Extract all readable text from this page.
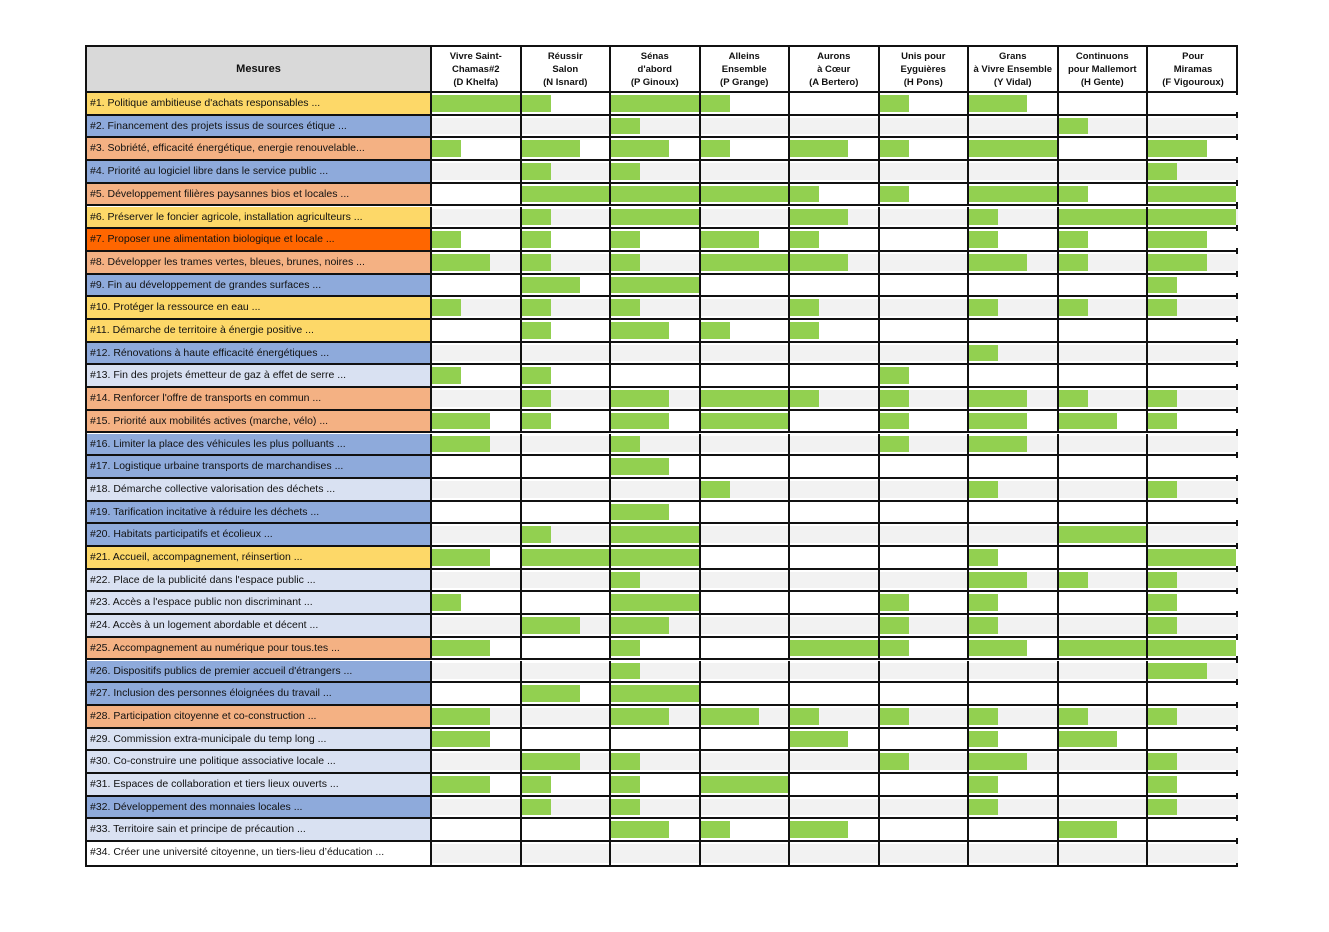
Mesures
Vivre Saint-
Chamas#2
(D Khelfa)
Réussir
Salon
(N Isnard)
Sénas
d'abord
(P Ginoux)
Alleins
Ensemble
(P Grange)
Aurons
à Cœur
(A Bertero)
Unis pour
Eyguières
(H Pons)
Grans
à Vivre Ensemble
(Y Vidal)
Continuons
pour Mallemort
(H Gente)
Pour
Miramas
(F Vigouroux)
#1. Politique ambitieuse d'achats responsables ...
#2. Financement des projets issus de sources étique ...
#3. Sobriété, efficacité énergétique, energie renouvelable...
#4. Priorité au logiciel libre dans le service public ...
#5. Développement filières paysannes bios et locales ...
#6. Préserver le foncier agricole, installation agriculteurs ...
#7. Proposer une alimentation biologique et locale ...
#8. Développer les trames vertes, bleues, brunes, noires ...
#9. Fin au développement de grandes surfaces ...
#10. Protéger la ressource en eau ...
#11. Démarche de territoire à énergie positive ...
#12. Rénovations à haute efficacité énergétiques ...
#13. Fin des projets émetteur de gaz à effet de serre ...
#14. Renforcer l'offre de transports en commun ...
#15. Priorité aux mobilités actives (marche, vélo) ...
#16. Limiter la place des véhicules les plus polluants ...
#17. Logistique urbaine transports de marchandises ...
#18. Démarche collective valorisation des déchets ...
#19. Tarification incitative à réduire les déchets ...
#20. Habitats participatifs et écolieux ...
#21. Accueil, accompagnement, réinsertion ...
#22. Place de la publicité dans l'espace public ...
#23. Accès a l'espace public non discriminant ...
#24. Accès à un logement abordable et décent ...
#25. Accompagnement au numérique pour tous.tes ...
#26. Dispositifs publics de premier accueil d'étrangers ...
#27. Inclusion des personnes éloignées du travail ...
#28. Participation citoyenne et co-construction ...
#29. Commission extra-municipale du temp long ...
#30. Co-construire une politique associative locale ...
#31. Espaces de collaboration et tiers lieux ouverts ...
#32. Développement des monnaies locales ...
#33. Territoire sain et principe de précaution ...
#34. Créer une université citoyenne, un tiers-lieu d’éducation ...
